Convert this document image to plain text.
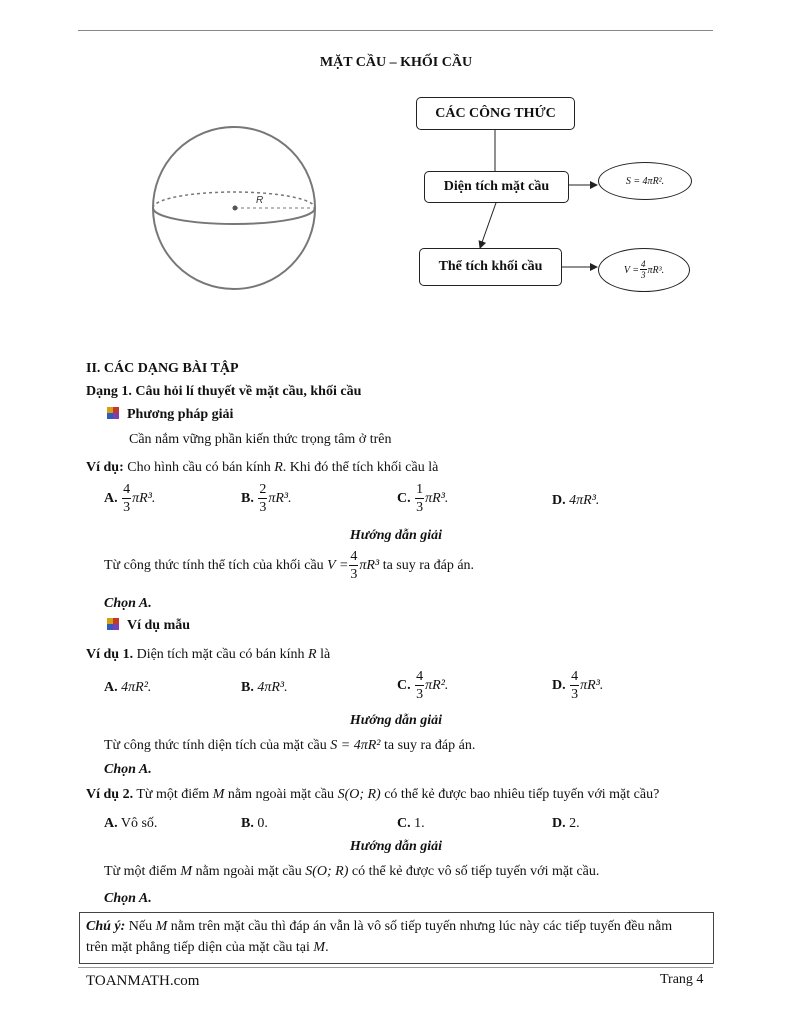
MẶT CẦU – KHỐI CẦU
R
CÁC CÔNG THỨC
Diện tích mặt cầu	S = 4πR².
Thể tích khối cầu	$V = \frac{4}{3} \pi R^3$.
II. CÁC DẠNG BÀI TẬP
Dạng 1. Câu hỏi lí thuyết về mặt cầu, khối cầu
Phương pháp giải
Cần nắm vững phần kiến thức trọng tâm ở trên
Ví dụ: Cho hình cầu có bán kính R. Khi đó thể tích khối cầu là
A. $\frac{4}{3} \pi R^3$.	B. $\frac{2}{3} \pi R^3$.	C. $\frac{1}{3} \pi R^3$.	D. 4πR³.
Hướng dẫn giải
Từ công thức tính thể tích của khối cầu $V = \frac{4}{3} \pi R^3$ ta suy ra đáp án.
Chọn A.
Ví dụ mẫu
Ví dụ 1. Diện tích mặt cầu có bán kính R là
A. 4πR².	B. 4πR³.	C. $\frac{4}{3} \pi R^2$.	D. $\frac{4}{3} \pi R^3$.
Hướng dẫn giải
Từ công thức tính diện tích của mặt cầu S = 4πR² ta suy ra đáp án.
Chọn A.
Ví dụ 2. Từ một điểm M nằm ngoài mặt cầu S(O; R) có thể kẻ được bao nhiêu tiếp tuyến với mặt cầu?
A. Vô số.	B. 0.	C. 1.	D. 2.
Hướng dẫn giải
Từ một điểm M nằm ngoài mặt cầu S(O; R) có thể kẻ được vô số tiếp tuyến với mặt cầu.
Chọn A.
Chú ý: Nếu M nằm trên mặt cầu thì đáp án vẫn là vô số tiếp tuyến nhưng lúc này các tiếp tuyến đều nằm
trên mặt phẳng tiếp diện của mặt cầu tại M.
TOANMATH.com	Trang 4
